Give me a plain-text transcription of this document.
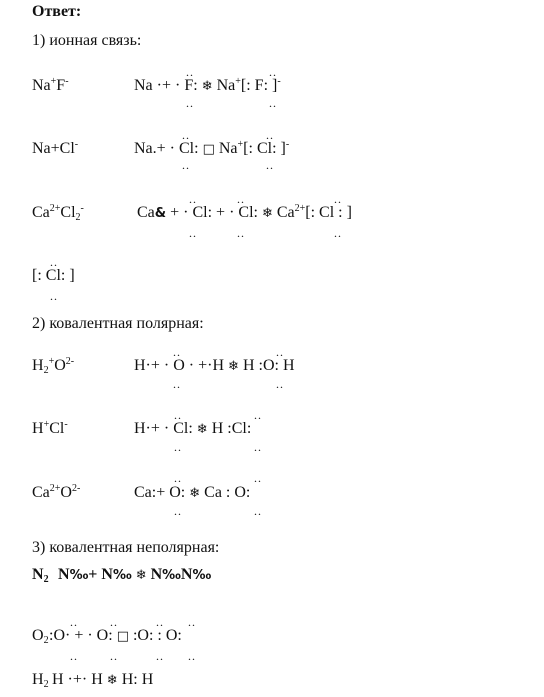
Ответ:
1) ионная связь:
Na+F-	Na ·+ · F: ❄ Na+[: F: ]-
..
..
..
..
Na+Cl-	Na.+ · Cl: □ Na+[: Cl: ]-
..
..
..
..
$Ca^{2+}Cl_2^-$	Ca& + · Cl: + · Cl: ❄ $Ca^{2+}$[: Cl : ]
..
..
..
..
..
..
[: Cl: ]
..
..
2) ковалентная полярная:
$H_2^+O^{2-}$	H·+ · O · +·H ❄ H :O: H
..
..
..
..
H+Cl-	H·+ · Cl: ❄ H :Cl:
..
..
..
..
$Ca^{2+}O^{2-}$	Ca:+ O: ❄ Ca : O:
..
..
..
..
3) ковалентная неполярная:
$N_2$ N‰+ N‰ ❄ N‰N‰
$O_2$ :O· + · O: □ :O: : O:
..
..
..
..
..
..
..
..
$H_2$ H ·+· H ❄ H: H
